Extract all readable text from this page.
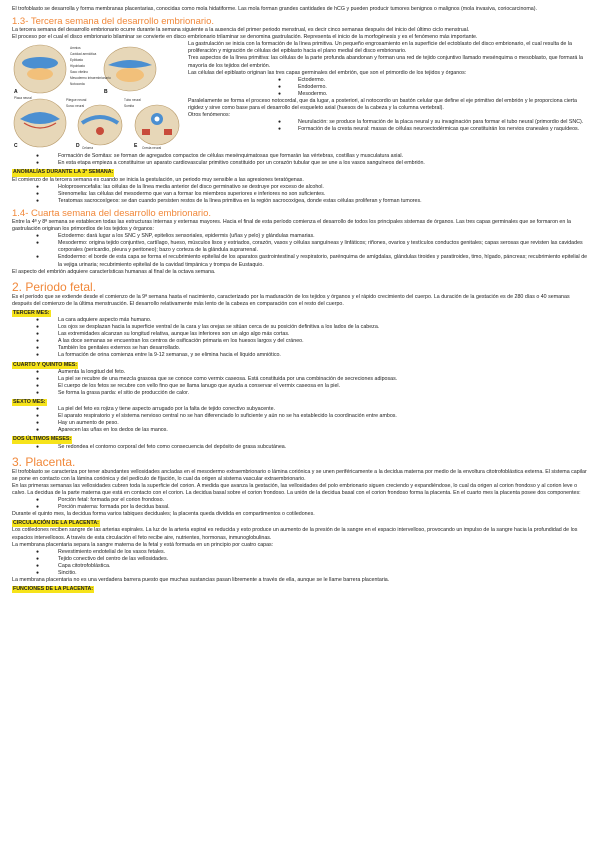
El trofoblasto se desarrolla y forma membranas placentarias, conocidas como mola hidatiforme. Las mola forman grandes cantidades de hCG y pueden producir tumores benignos o malignos (mola invasiva, coriocarcinoma).

1.3- Tercera semana del desarrollo embrionario.

La tercera semana del desarrollo embrionario ocurre durante la semana siguiente a la ausencia del primer periodo menstrual, es decir cinco semanas después del inicio del último ciclo menstrual.

El proceso por el cual el disco embrionario bilaminar se convierte en disco embrionario trilaminar se denomina gastrulación. Representa el inicio de la morfogénesis y es el fenómeno más importante.

Amnios
Cavidad amniótica
Epiblasto
Hipoblasto
Saco vitelino
Mesodermo intraembrionario
Notocorda
Placa neural	Pliegue neural
Surco neural
Tubo neural
Somita
Celoma	Cresta neural
A	B
C	D	E

La gastrulación se inicia con la formación de la línea primitiva. Un pequeño engrosamiento en la superficie del ectoblasto del disco embrionario, el cual resulta de la proliferación y migración de células del epiblasto hacia el plano medial del disco embrionario.

Tres aspectos de la línea primitiva: las células de la parte profunda abandonan y forman una red de tejido conjuntivo llamado mesénquima o mesoblasto, que formará la mayoría de los tejidos del embrión.

Las células del epiblasto originan las tres capas germinales del embrión, que son el primordio de los tejidos y órganos:

● Ectodermo.
● Endodermo.
● Mesodermo.

Paralelamente se forma el proceso notocordal, que da lugar, a posteriori, al notocordio un bastón celular que define el eje primitivo del embrión y le proporciona cierta rigidez y sirve como base para el desarrollo del esqueleto axial (huesos de la cabeza y la columna vertebral).

Otros fenómenos:

● Neurulación: se produce la formación de la placa neural y su invaginación para formar el tubo neural (primordio del SNC).
● Formación de la cresta neural: masas de células neuroectodérmicas que constituirán los nervios craneales y raquídeos.
● Formación de Somitas: se forman de agregados compactos de células mesénquimatosas que formarán las vértebras, costillas y musculatura axial.
● En esta etapa empieza a constituirse un aparato cardiovascular primitivo constituido por un corazón tubular que se une a los vasos sanguíneos del embrión.
ANOMALÍAS DURANTE LA 3ª SEMANA:

El comienzo de la tercera semana es cuando se inicia la gestulación, un periodo muy sensible a las agresiones teratógenas.

● Holoprosencefalia: las células de la línea media anterior del disco germinativo se destruye por exceso de alcohol.
● Sirenomelia: las células del mesodermo que van a formar los miembros superiores e inferiores no son suficientes.
● Teratomas sacrocoxígeos: se dan cuando persisten restos de la línea primitiva en la región sacrocoxígea, donde estas células proliferan y forman tumores.
1.4- Cuarta semana del desarrollo embrionario.

Entre la 4ª y 8ª semana se establecen todas las estructuras internas y externas mayores. Hacia el final de esta período comienza el desarrollo de todos los principales sistemas de órganos. Las tres capas germinales que se formaron en la gastrulación originan los primordios de los tejidos y órganos:

● Ectodermo: dará lugar a los SNC y SNP, epitelios sensoriales, epidermis (uñas y pelo) y glándulas mamarias.
● Mesodermo: origina tejido conjuntivo, cartílago, hueso, músculos lisos y estriados, corazón, vasos y células sanguíneas y linfáticos; riñones, ovarios y testículos conductos genitales; capas serosas que revisten las cavidades corporales (pericardio, pleura y peritoneo); bazo y corteza de la glándula suprarrenal.
● Endodermo: el borde de esta capa se forma el recubrimiento epitelial de los aparatos gastrointestinal y respiratorio, parénquima de amígdalas, glándulas tiroides y paratiroides, timo, hígado, páncreas; recubrimiento epitelial de la vejiga urinaria; recubrimiento epitelial de la cavidad timpánica y trompa de Eustaquio.

El aspecto del embrión adquiere características humanas al final de la octava semana.

2. Periodo fetal.

Es el período que se extiende desde el comienzo de la 9ª semana hasta el nacimiento, caracterizado por la maduración de los tejidos y órganos y el rápido crecimiento del cuerpo. La duración de la gestación es de 280 días o 40 semanas después del comienzo de la última menstruación. El desarrollo relativamente más lento de la cabeza en comparación con el resto del cuerpo.

TERCER MES:
● La cara adquiere aspecto más humano.
● Los ojos se desplazan hacia la superficie ventral de la cara y las orejas se sitúan cerca de su posición definitiva a los lados de la cabeza.
● Las extremidades alcanzan su longitud relativa, aunque las inferiores son un algo algo más cortas.
● A las doce semanas se encuentran los centros de osificación primaria en los huesos largos y del cráneo.
● También los genitales externos se han desarrollado.
● La formación de orina comienza entre la 9-12 semanas, y se elimina hacia el líquido amniótico.
CUARTO Y QUINTO MES:
● Aumenta la longitud del feto.
● La piel se recubre de una mezcla grasosa que se conoce como vermix caseosa. Está constituida por una combinación de secreciones adiposas.
● El cuerpo de los fetos se recubre con vello fino que se llama lanugo que ayuda a conservar el vermix caseosa en la piel.
● Se forma la grasa parda: el sitio de producción de calor.
SEXTO MES:
● La piel del feto es rojiza y tiene aspecto arrugado por la falta de tejido conectivo subyacente.
● El aparato respiratorio y el sistema nervioso central no se han diferenciado lo suficiente y aún no se ha establecido la coordinación entre ambos.
● Hay un aumento de peso.
● Aparecen las uñas en los dedos de las manos.
DOS ÚLTIMOS MESES:
● Se redondea el contorno corporal del feto como consecuencia del depósito de grasa subcutánea.
3. Placenta.

El trofoblasto se caracteriza por tener abundantes vellosidades ancladas en el mesodermo extraembrionario o lámina coriónica y se unen periféricamente a la decidua materna por medio de la envoltura citotrofoblástica externa. El sistema capilar se pone en contacto con la lámina coriónica y del pedículo de fijación, lo cual da origen al sistema vascular extraembrionario.

En las primeras semanas las vellosidades cubren toda la superficie del corion. A medida que avanza la gestación, las vellosidades del polo embrionario siguen creciendo y expandiéndose, lo cual da origen al corion frondoso y al corion leve o calvo. La decidua de la parte materna que está en contacto con el corion. La decidua basal sobre el corion frondoso. La unión de la decidua basal con el corion frondoso forma la placenta. En el cuarto mes la placenta posee dos componentes:

● Porción fetal: formada por el corion frondoso.
● Porción materna: formada por la decidua basal.

Durante el quinto mes, la decidua forma varios tabiques deciduales; la placenta queda dividida en compartimentos o cotiledones.

CIRCULACIÓN DE LA PLACENTA:

Los cotiledones reciben sangre de las arterias espirales. La luz de la arteria espiral es reducida y esto produce un aumento de la presión de la sangre en el espacio intervelloso, provocando un impulso de la sangre hacia la profundidad de los espacios intervellosos. A través de esta circulación el feto recibe aire, nutrientes, hormonas, inmunoglobulinas.

La membrana placentaria separa la sangre materna de la fetal y está formada en un principio por cuatro capas:

● Revestimiento endotelial de los vasos fetales.
● Tejido conectivo del centro de las vellosidades.
● Capa citotrofoblástica.
● Sincitio.

La membrana placentaria no es una verdadera barrera puesto que muchas sustancias pasan libremente a través de ella, aunque se le llame barrera placentaria.

FUNCIONES DE LA PLACENTA:
